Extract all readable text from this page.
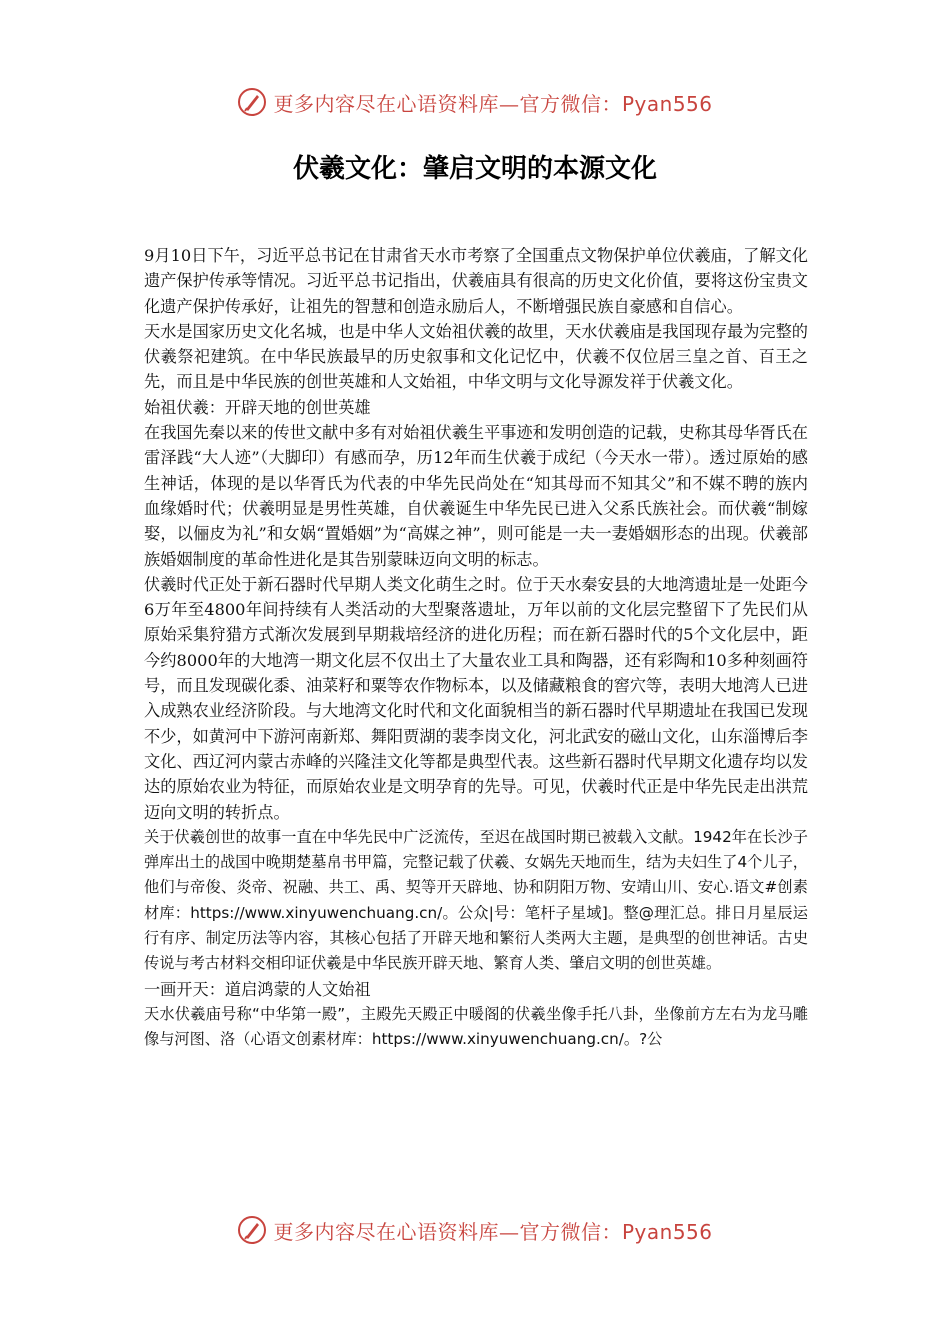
更多内容尽在心语资料库—官方微信：Pyan556
伏羲文化：肇启文明的本源文化

9月10日下午，习近平总书记在甘肃省天水市考察了全国重点文物保护单位伏羲庙，了解文化遗产保护传承等情况。习近平总书记指出，伏羲庙具有很高的历史文化价值，要将这份宝贵文化遗产保护传承好，让祖先的智慧和创造永励后人，不断增强民族自豪感和自信心。

天水是国家历史文化名城，也是中华人文始祖伏羲的故里，天水伏羲庙是我国现存最为完整的伏羲祭祀建筑。在中华民族最早的历史叙事和文化记忆中，伏羲不仅位居三皇之首、百王之先，而且是中华民族的创世英雄和人文始祖，中华文明与文化导源发祥于伏羲文化。

始祖伏羲：开辟天地的创世英雄

在我国先秦以来的传世文献中多有对始祖伏羲生平事迹和发明创造的记载，史称其母华胥氏在雷泽践“大人迹”（大脚印）有感而孕，历12年而生伏羲于成纪（今天水一带）。透过原始的感生神话，体现的是以华胥氏为代表的中华先民尚处在“知其母而不知其父”和不媒不聘的族内血缘婚时代；伏羲明显是男性英雄，自伏羲诞生中华先民已进入父系氏族社会。而伏羲“制嫁娶，以俪皮为礼”和女娲“置婚姻”为“高媒之神”，则可能是一夫一妻婚姻形态的出现。伏羲部族婚姻制度的革命性进化是其告别蒙昧迈向文明的标志。

伏羲时代正处于新石器时代早期人类文化萌生之时。位于天水秦安县的大地湾遗址是一处距今6万年至4800年间持续有人类活动的大型聚落遗址，万年以前的文化层完整留下了先民们从原始采集狩猎方式渐次发展到早期栽培经济的进化历程；而在新石器时代的5个文化层中，距今约8000年的大地湾一期文化层不仅出土了大量农业工具和陶器，还有彩陶和10多种刻画符号，而且发现碳化黍、油菜籽和粟等农作物标本，以及储藏粮食的窖穴等，表明大地湾人已进入成熟农业经济阶段。与大地湾文化时代和文化面貌相当的新石器时代早期遗址在我国已发现不少，如黄河中下游河南新郑、舞阳贾湖的裴李岗文化，河北武安的磁山文化，山东淄博后李文化、西辽河内蒙古赤峰的兴隆洼文化等都是典型代表。这些新石器时代早期文化遗存均以发达的原始农业为特征，而原始农业是文明孕育的先导。可见，伏羲时代正是中华先民走出洪荒迈向文明的转折点。

关于伏羲创世的故事一直在中华先民中广泛流传，至迟在战国时期已被载入文献。1942年在长沙子弹库出土的战国中晚期楚墓帛书甲篇，完整记载了伏羲、女娲先天地而生，结为夫妇生了4个儿子，他们与帝俊、炎帝、祝融、共工、禹、契等开天辟地、协和阴阳万物、安靖山川、安心.语文#创素材库：https://www.xinyuwenchuang.cn/。公众|号：笔杆子星域]。整@理汇总。排日月星辰运行有序、制定历法等内容，其核心包括了开辟天地和繁衍人类两大主题，是典型的创世神话。古史传说与考古材料交相印证伏羲是中华民族开辟天地、繁育人类、肇启文明的创世英雄。

一画开天：道启鸿蒙的人文始祖

天水伏羲庙号称“中华第一殿”，主殿先天殿正中暖阁的伏羲坐像手托八卦，坐像前方左右为龙马雕像与河图、洛（心语文创素材库：https://www.xinyuwenchuang.cn/。?公

更多内容尽在心语资料库—官方微信：Pyan556
